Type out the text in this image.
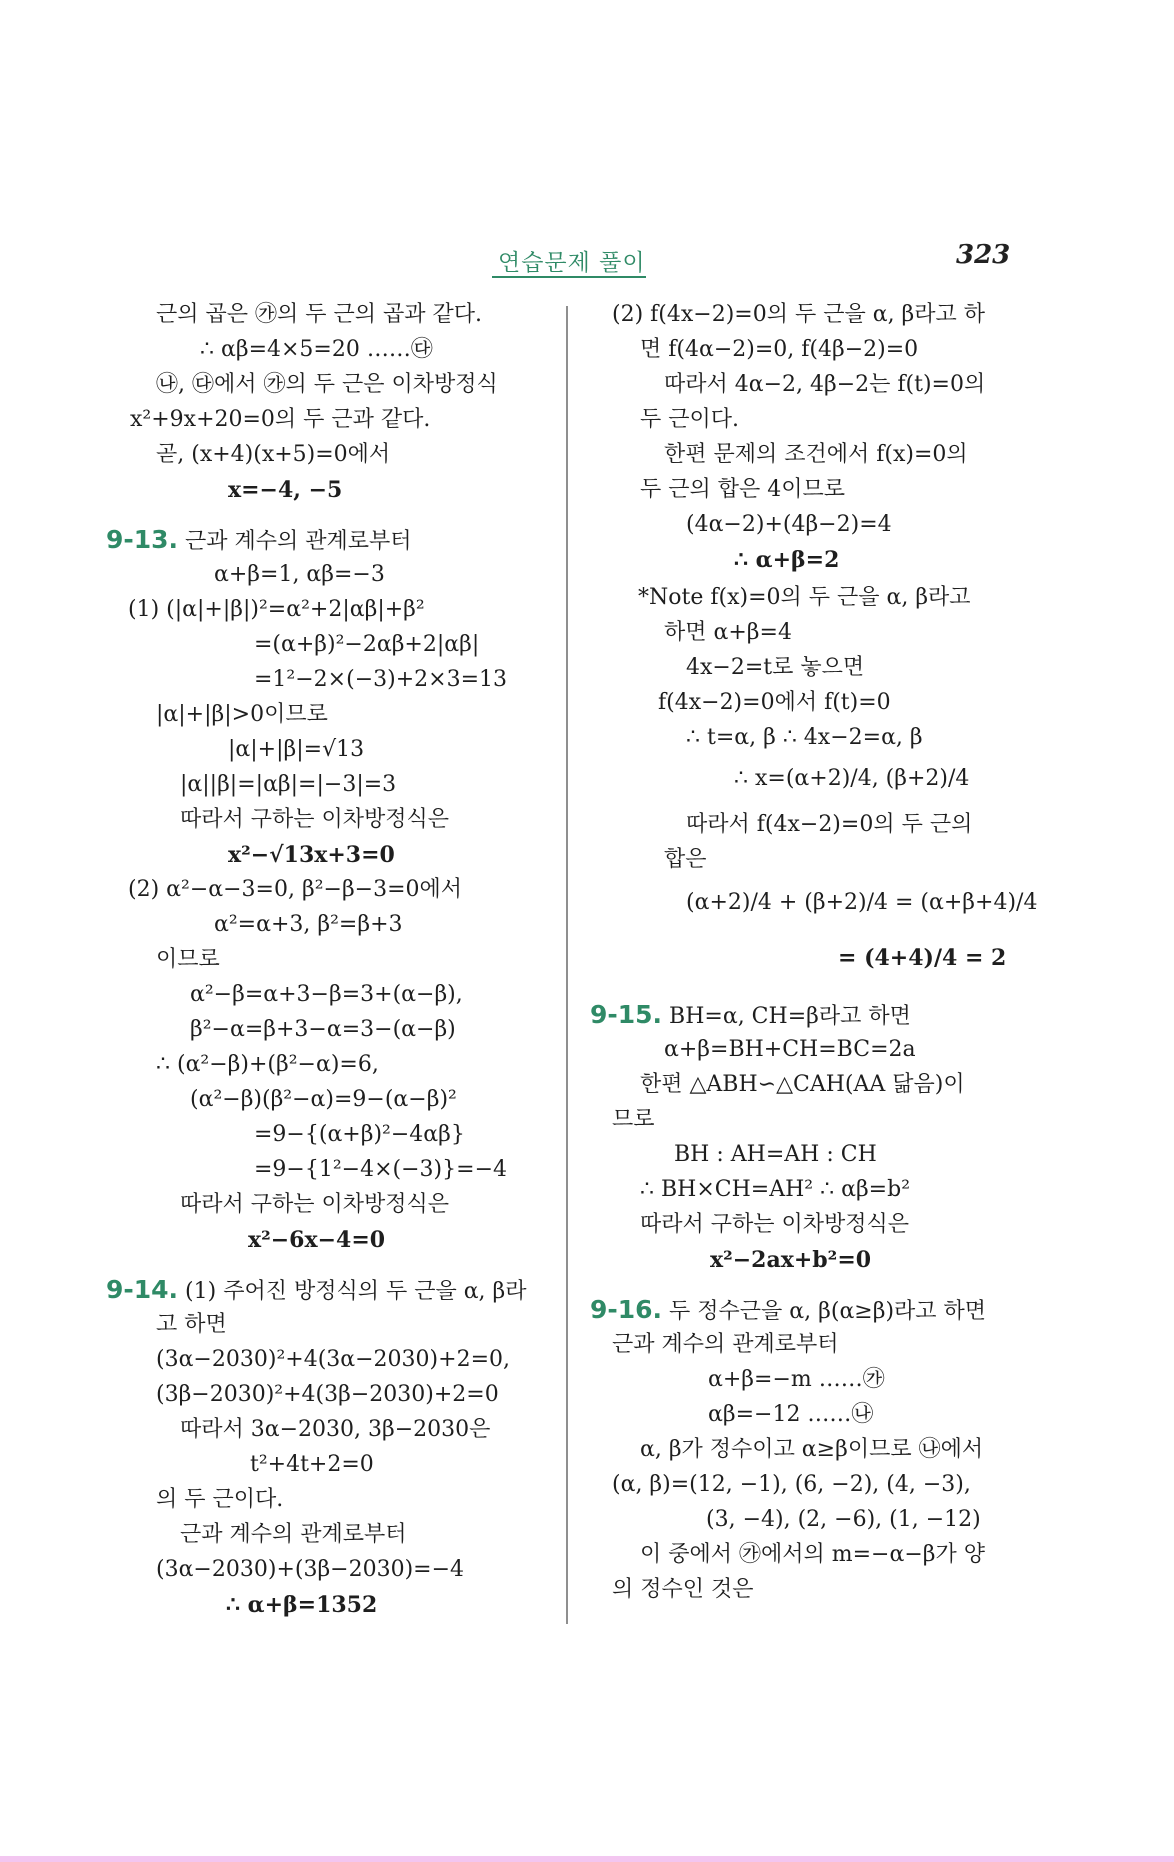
연습문제 풀이	323
근의 곱은 ㉮의 두 근의 곱과 같다.
∴ αβ=4×5=20 ……㉰
㉯, ㉰에서 ㉮의 두 근은 이차방정식
x²+9x+20=0의 두 근과 같다.
곧, (x+4)(x+5)=0에서
x=−4, −5
9-13. 근과 계수의 관계로부터
α+β=1, αβ=−3
(1) (|α|+|β|)²=α²+2|αβ|+β²
=(α+β)²−2αβ+2|αβ|
=1²−2×(−3)+2×3=13
|α|+|β|>0이므로
|α|+|β|=√13
|α||β|=|αβ|=|−3|=3
따라서 구하는 이차방정식은
x²−√13x+3=0
(2) α²−α−3=0, β²−β−3=0에서
α²=α+3, β²=β+3
이므로
α²−β=α+3−β=3+(α−β),
β²−α=β+3−α=3−(α−β)
∴ (α²−β)+(β²−α)=6,
(α²−β)(β²−α)=9−(α−β)²
=9−{(α+β)²−4αβ}
=9−{1²−4×(−3)}=−4
따라서 구하는 이차방정식은
x²−6x−4=0
9-14. (1) 주어진 방정식의 두 근을 α, β라
고 하면
(3α−2030)²+4(3α−2030)+2=0,
(3β−2030)²+4(3β−2030)+2=0
따라서 3α−2030, 3β−2030은
t²+4t+2=0
의 두 근이다.
근과 계수의 관계로부터
(3α−2030)+(3β−2030)=−4
∴ α+β=1352
(2) f(4x−2)=0의 두 근을 α, β라고 하
면 f(4α−2)=0, f(4β−2)=0
따라서 4α−2, 4β−2는 f(t)=0의
두 근이다.
한편 문제의 조건에서 f(x)=0의
두 근의 합은 4이므로
(4α−2)+(4β−2)=4
∴ α+β=2
*Note f(x)=0의 두 근을 α, β라고
하면 α+β=4
4x−2=t로 놓으면
f(4x−2)=0에서 f(t)=0
∴ t=α, β ∴ 4x−2=α, β
∴ x=(α+2)/4, (β+2)/4
따라서 f(4x−2)=0의 두 근의
합은
(α+2)/4 + (β+2)/4 = (α+β+4)/4
= (4+4)/4 = 2
9-15. BH=α, CH=β라고 하면
α+β=BH+CH=BC=2a
한편 △ABH∽△CAH(AA 닮음)이
므로
BH : AH=AH : CH
∴ BH×CH=AH² ∴ αβ=b²
따라서 구하는 이차방정식은
x²−2ax+b²=0
9-16. 두 정수근을 α, β(α≥β)라고 하면
근과 계수의 관계로부터
α+β=−m ……㉮
αβ=−12 ……㉯
α, β가 정수이고 α≥β이므로 ㉯에서
(α, β)=(12, −1), (6, −2), (4, −3),
(3, −4), (2, −6), (1, −12)
이 중에서 ㉮에서의 m=−α−β가 양
의 정수인 것은
